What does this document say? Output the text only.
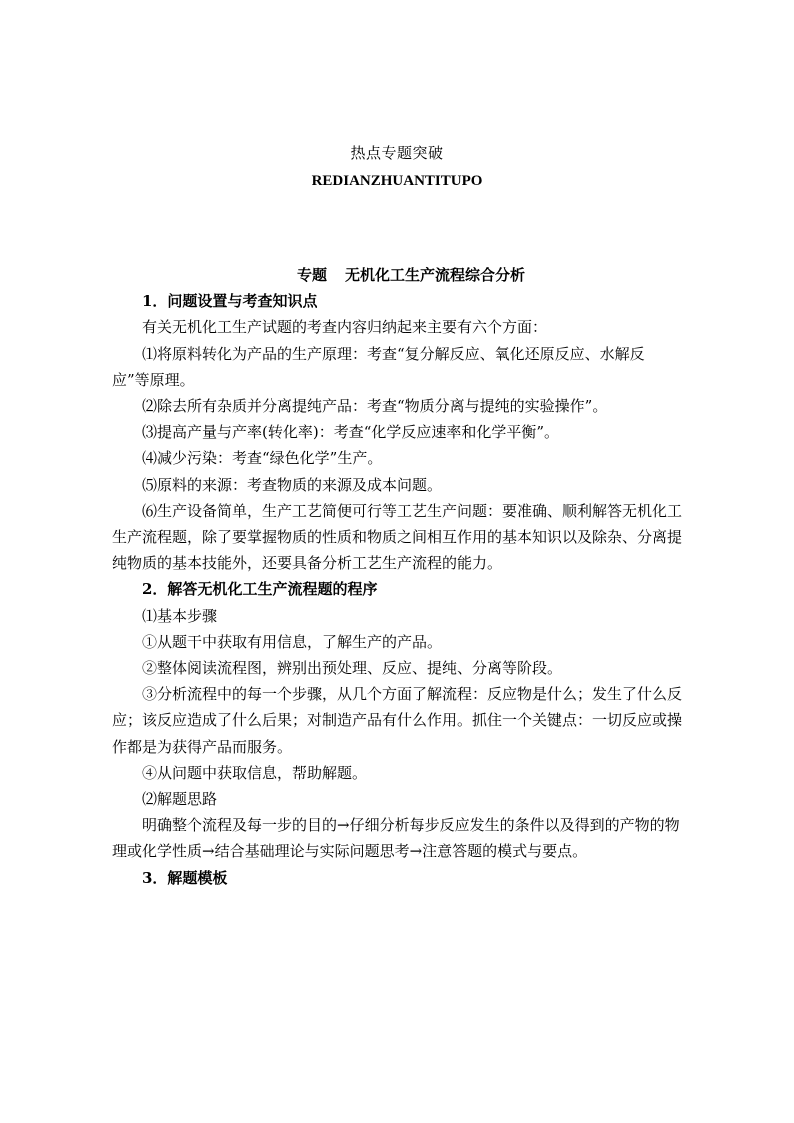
热点专题突破
REDIANZHUANTITUPO

专题 无机化工生产流程综合分析

1．问题设置与考查知识点

有关无机化工生产试题的考查内容归纳起来主要有六个方面：

⑴将原料转化为产品的生产原理：考查“复分解反应、氧化还原反应、水解反应”等原理。

⑵除去所有杂质并分离提纯产品：考查“物质分离与提纯的实验操作”。

⑶提高产量与产率(转化率)：考查“化学反应速率和化学平衡”。

⑷减少污染：考查“绿色化学”生产。

⑸原料的来源：考查物质的来源及成本问题。

⑹生产设备简单，生产工艺简便可行等工艺生产问题：要准确、顺利解答无机化工生产流程题，除了要掌握物质的性质和物质之间相互作用的基本知识以及除杂、分离提纯物质的基本技能外，还要具备分析工艺生产流程的能力。

2．解答无机化工生产流程题的程序

⑴基本步骤

①从题干中获取有用信息，了解生产的产品。

②整体阅读流程图，辨别出预处理、反应、提纯、分离等阶段。

③分析流程中的每一个步骤，从几个方面了解流程：反应物是什么；发生了什么反应；该反应造成了什么后果；对制造产品有什么作用。抓住一个关键点：一切反应或操作都是为获得产品而服务。

④从问题中获取信息，帮助解题。

⑵解题思路

明确整个流程及每一步的目的→仔细分析每步反应发生的条件以及得到的产物的物理或化学性质→结合基础理论与实际问题思考→注意答题的模式与要点。

3．解题模板
